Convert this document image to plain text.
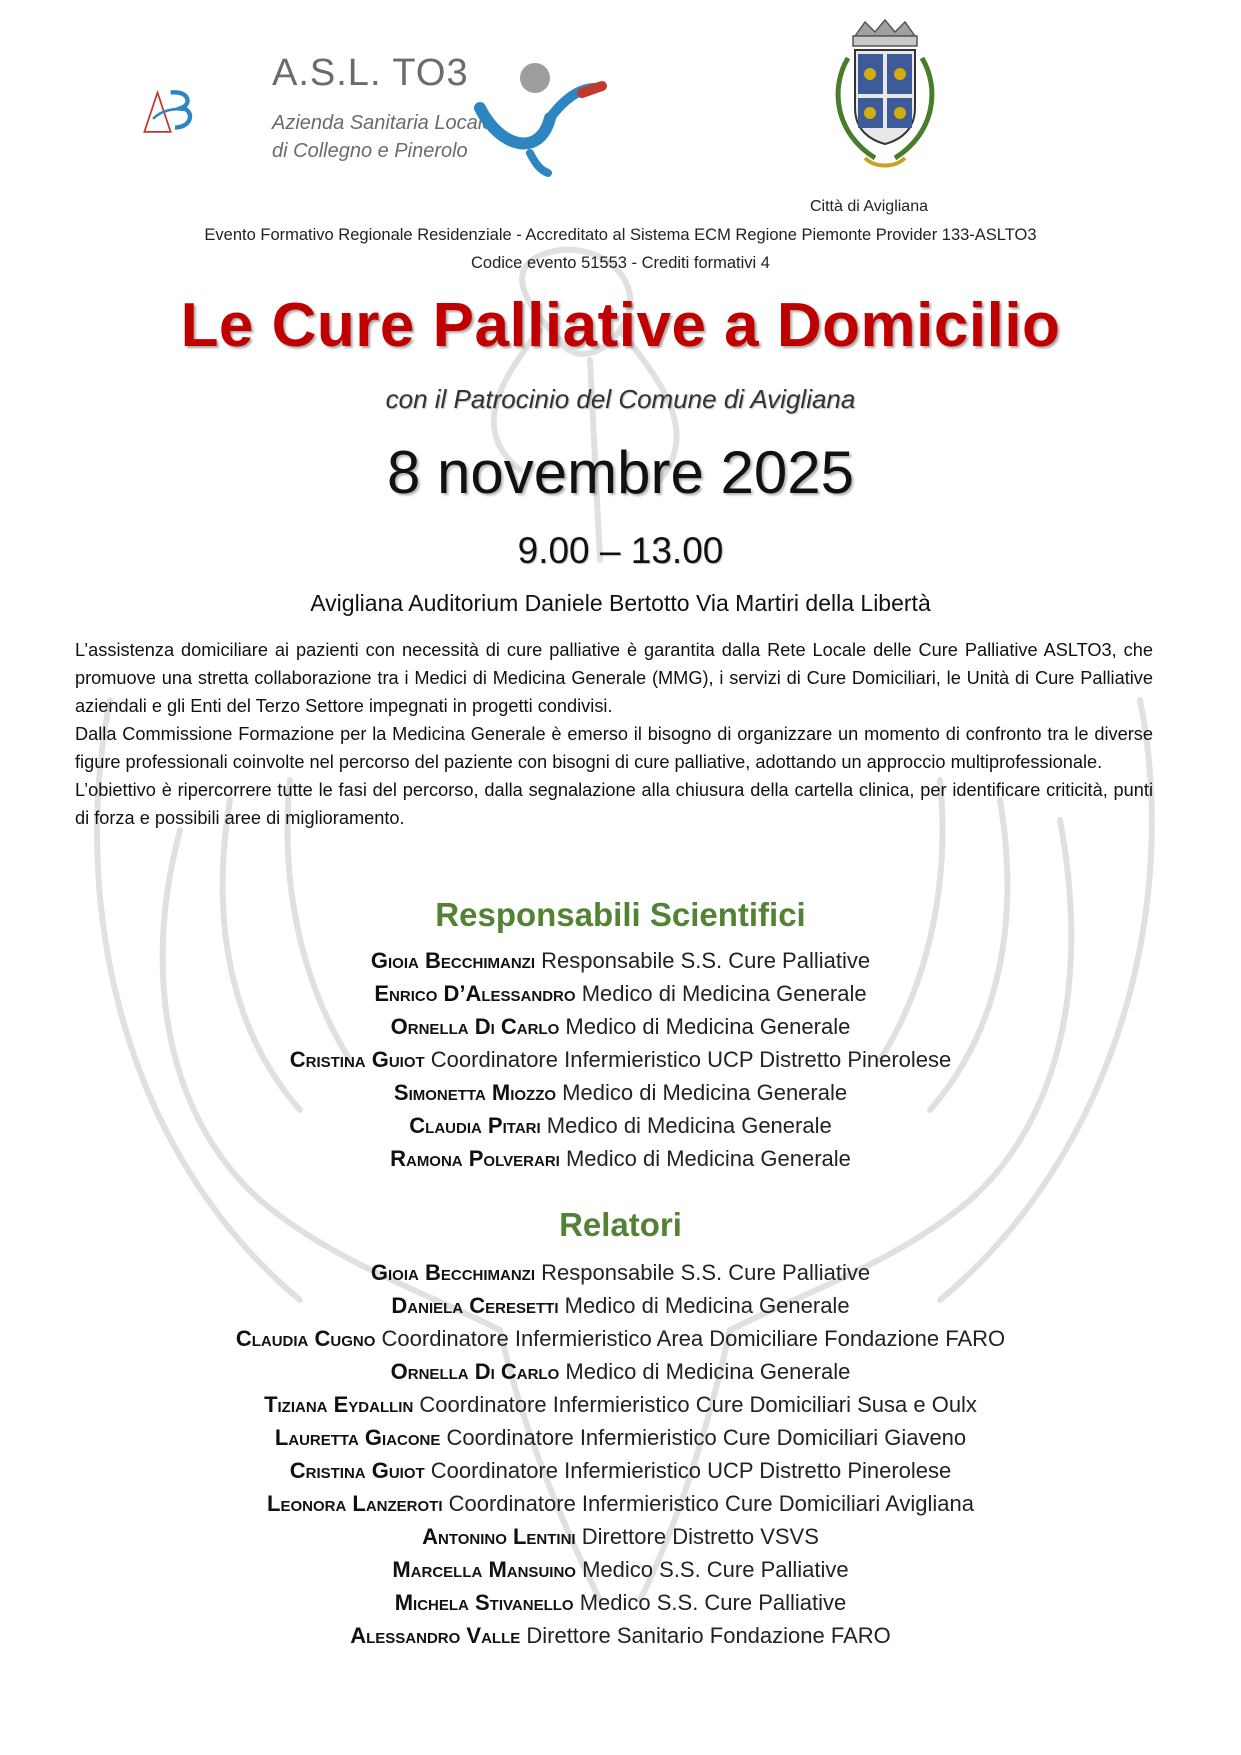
A.S.L. TO3
Azienda Sanitaria Locale
di Collegno e Pinerolo
Città di Avigliana
Evento Formativo Regionale Residenziale - Accreditato al Sistema ECM Regione Piemonte Provider 133-ASLTO3
Codice evento 51553 - Crediti formativi 4
Le Cure Palliative a Domicilio
con il Patrocinio del Comune di Avigliana
8 novembre 2025
9.00 – 13.00
Avigliana Auditorium Daniele Bertotto Via Martiri della Libertà

L’assistenza domiciliare ai pazienti con necessità di cure palliative è garantita dalla Rete Locale delle Cure Palliative ASLTO3, che promuove una stretta collaborazione tra i Medici di Medicina Generale (MMG), i servizi di Cure Domiciliari, le Unità di Cure Palliative aziendali e gli Enti del Terzo Settore impegnati in progetti condivisi.

Dalla Commissione Formazione per la Medicina Generale è emerso il bisogno di organizzare un momento di confronto tra le diverse figure professionali coinvolte nel percorso del paziente con bisogni di cure palliative, adottando un approccio multiprofessionale.

L’obiettivo è ripercorrere tutte le fasi del percorso, dalla segnalazione alla chiusura della cartella clinica, per identificare criticità, punti di forza e possibili aree di miglioramento.

Responsabili Scientifici
Gioia Becchimanzi Responsabile S.S. Cure Palliative
Enrico D’Alessandro Medico di Medicina Generale
Ornella Di Carlo Medico di Medicina Generale
Cristina Guiot Coordinatore Infermieristico UCP Distretto Pinerolese
Simonetta Miozzo Medico di Medicina Generale
Claudia Pitari Medico di Medicina Generale
Ramona Polverari Medico di Medicina Generale
Relatori
Gioia Becchimanzi Responsabile S.S. Cure Palliative
Daniela Ceresetti Medico di Medicina Generale
Claudia Cugno Coordinatore Infermieristico Area Domiciliare Fondazione FARO
Ornella Di Carlo Medico di Medicina Generale
Tiziana Eydallin Coordinatore Infermieristico Cure Domiciliari Susa e Oulx
Lauretta Giacone Coordinatore Infermieristico Cure Domiciliari Giaveno
Cristina Guiot Coordinatore Infermieristico UCP Distretto Pinerolese
Leonora Lanzeroti Coordinatore Infermieristico Cure Domiciliari Avigliana
Antonino Lentini Direttore Distretto VSVS
Marcella Mansuino Medico S.S. Cure Palliative
Michela Stivanello Medico S.S. Cure Palliative
Alessandro Valle Direttore Sanitario Fondazione FARO
